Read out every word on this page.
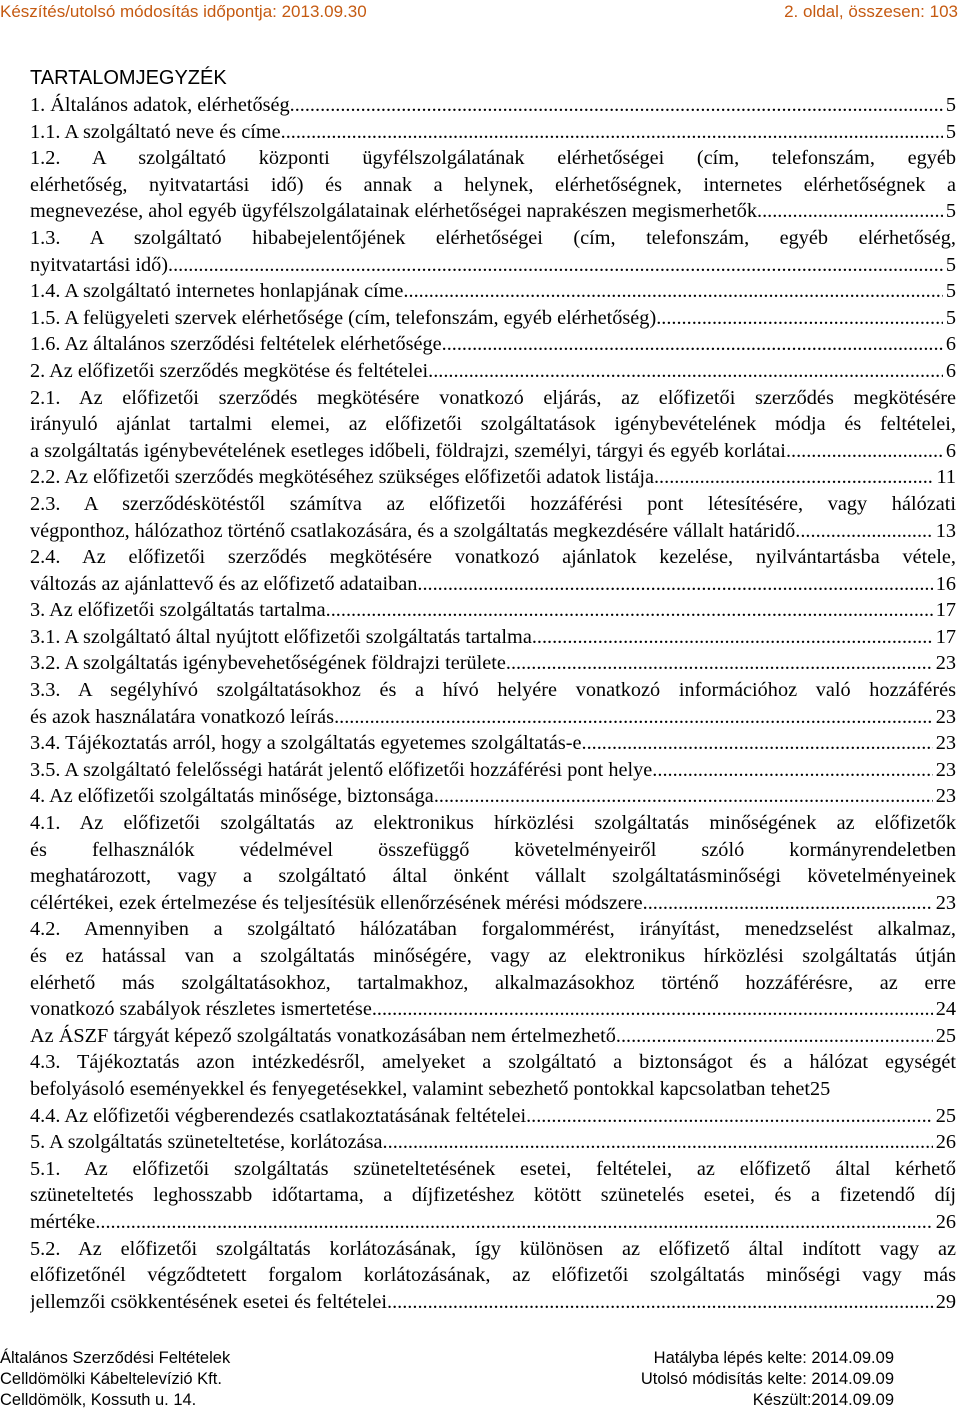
Készítés/utolsó módosítás időpontja: 2013.09.30	2. oldal, összesen: 103
TARTALOMJEGYZÉK
1. Általános adatok, elérhetőség .....	5
1.1. A szolgáltató neve és címe .....	5
1.2. A szolgáltató központi ügyfélszolgálatának elérhetőségei (cím, telefonszám, egyéb
elérhetőség, nyitvatartási idő) és annak a helynek, elérhetőségnek, internetes elérhetőségnek a
megnevezése, ahol egyéb ügyfélszolgálatainak elérhetőségei naprakészen megismerhetők .....	5
1.3. A szolgáltató hibabejelentőjének elérhetőségei (cím, telefonszám, egyéb elérhetőség,
nyitvatartási idő) .....	5
1.4. A szolgáltató internetes honlapjának címe .....	5
1.5. A felügyeleti szervek elérhetősége (cím, telefonszám, egyéb elérhetőség) .....	5
1.6. Az általános szerződési feltételek elérhetősége .....	6
2. Az előfizetői szerződés megkötése és feltételei .....	6
2.1. Az előfizetői szerződés megkötésére vonatkozó eljárás, az előfizetői szerződés megkötésére
irányuló ajánlat tartalmi elemei, az előfizetői szolgáltatások igénybevételének módja és feltételei,
a szolgáltatás igénybevételének esetleges időbeli, földrajzi, személyi, tárgyi és egyéb korlátai .....	6
2.2. Az előfizetői szerződés megkötéséhez szükséges előfizetői adatok listája .....	11
2.3. A szerződéskötéstől számítva az előfizetői hozzáférési pont létesítésére, vagy hálózati
végponthoz, hálózathoz történő csatlakozására, és a szolgáltatás megkezdésére vállalt határidő .....	13
2.4. Az előfizetői szerződés megkötésére vonatkozó ajánlatok kezelése, nyilvántartásba vétele,
változás az ajánlattevő és az előfizető adataiban .....	16
3. Az előfizetői szolgáltatás tartalma .....	17
3.1. A szolgáltató által nyújtott előfizetői szolgáltatás tartalma .....	17
3.2. A szolgáltatás igénybevehetőségének földrajzi területe .....	23
3.3. A segélyhívó szolgáltatásokhoz és a hívó helyére vonatkozó információhoz való hozzáférés
és azok használatára vonatkozó leírás .....	23
3.4. Tájékoztatás arról, hogy a szolgáltatás egyetemes szolgáltatás-e .....	23
3.5. A szolgáltató felelősségi határát jelentő előfizetői hozzáférési pont helye .....	23
4. Az előfizetői szolgáltatás minősége, biztonsága .....	23
4.1. Az előfizetői szolgáltatás az elektronikus hírközlési szolgáltatás minőségének az előfizetők
és felhasználók védelmével összefüggő követelményeiről szóló kormányrendeletben
meghatározott, vagy a szolgáltató által önként vállalt szolgáltatásminőségi követelményeinek
célértékei, ezek értelmezése és teljesítésük ellenőrzésének mérési módszere .....	23
4.2. Amennyiben a szolgáltató hálózatában forgalommérést, irányítást, menedzselést alkalmaz,
és ez hatással van a szolgáltatás minőségére, vagy az elektronikus hírközlési szolgáltatás útján
elérhető más szolgáltatásokhoz, tartalmakhoz, alkalmazásokhoz történő hozzáférésre, az erre
vonatkozó szabályok részletes ismertetése .....	24
Az ÁSZF tárgyát képező szolgáltatás vonatkozásában nem értelmezhető. .....	25
4.3. Tájékoztatás azon intézkedésről, amelyeket a szolgáltató a biztonságot és a hálózat egységét
befolyásoló eseményekkel és fenyegetésekkel, valamint sebezhető pontokkal kapcsolatban tehet 25
4.4. Az előfizetői végberendezés csatlakoztatásának feltételei .....	25
5. A szolgáltatás szüneteltetése, korlátozása .....	26
5.1. Az előfizetői szolgáltatás szüneteltetésének esetei, feltételei, az előfizető által kérhető
szüneteltetés leghosszabb időtartama, a díjfizetéshez kötött szünetelés esetei, és a fizetendő díj
mértéke .....	26
5.2. Az előfizetői szolgáltatás korlátozásának, így különösen az előfizető által indított vagy az
előfizetőnél végződtetett forgalom korlátozásának, az előfizetői szolgáltatás minőségi vagy más
jellemzői csökkentésének esetei és feltételei .....	29
Általános Szerződési Feltételek
Celldömölki Kábeltelevízió Kft.
Celldömölk, Kossuth u. 14.
Hatályba lépés kelte: 2014.09.09
Utolsó módisítás kelte: 2014.09.09
Készült:2014.09.09
